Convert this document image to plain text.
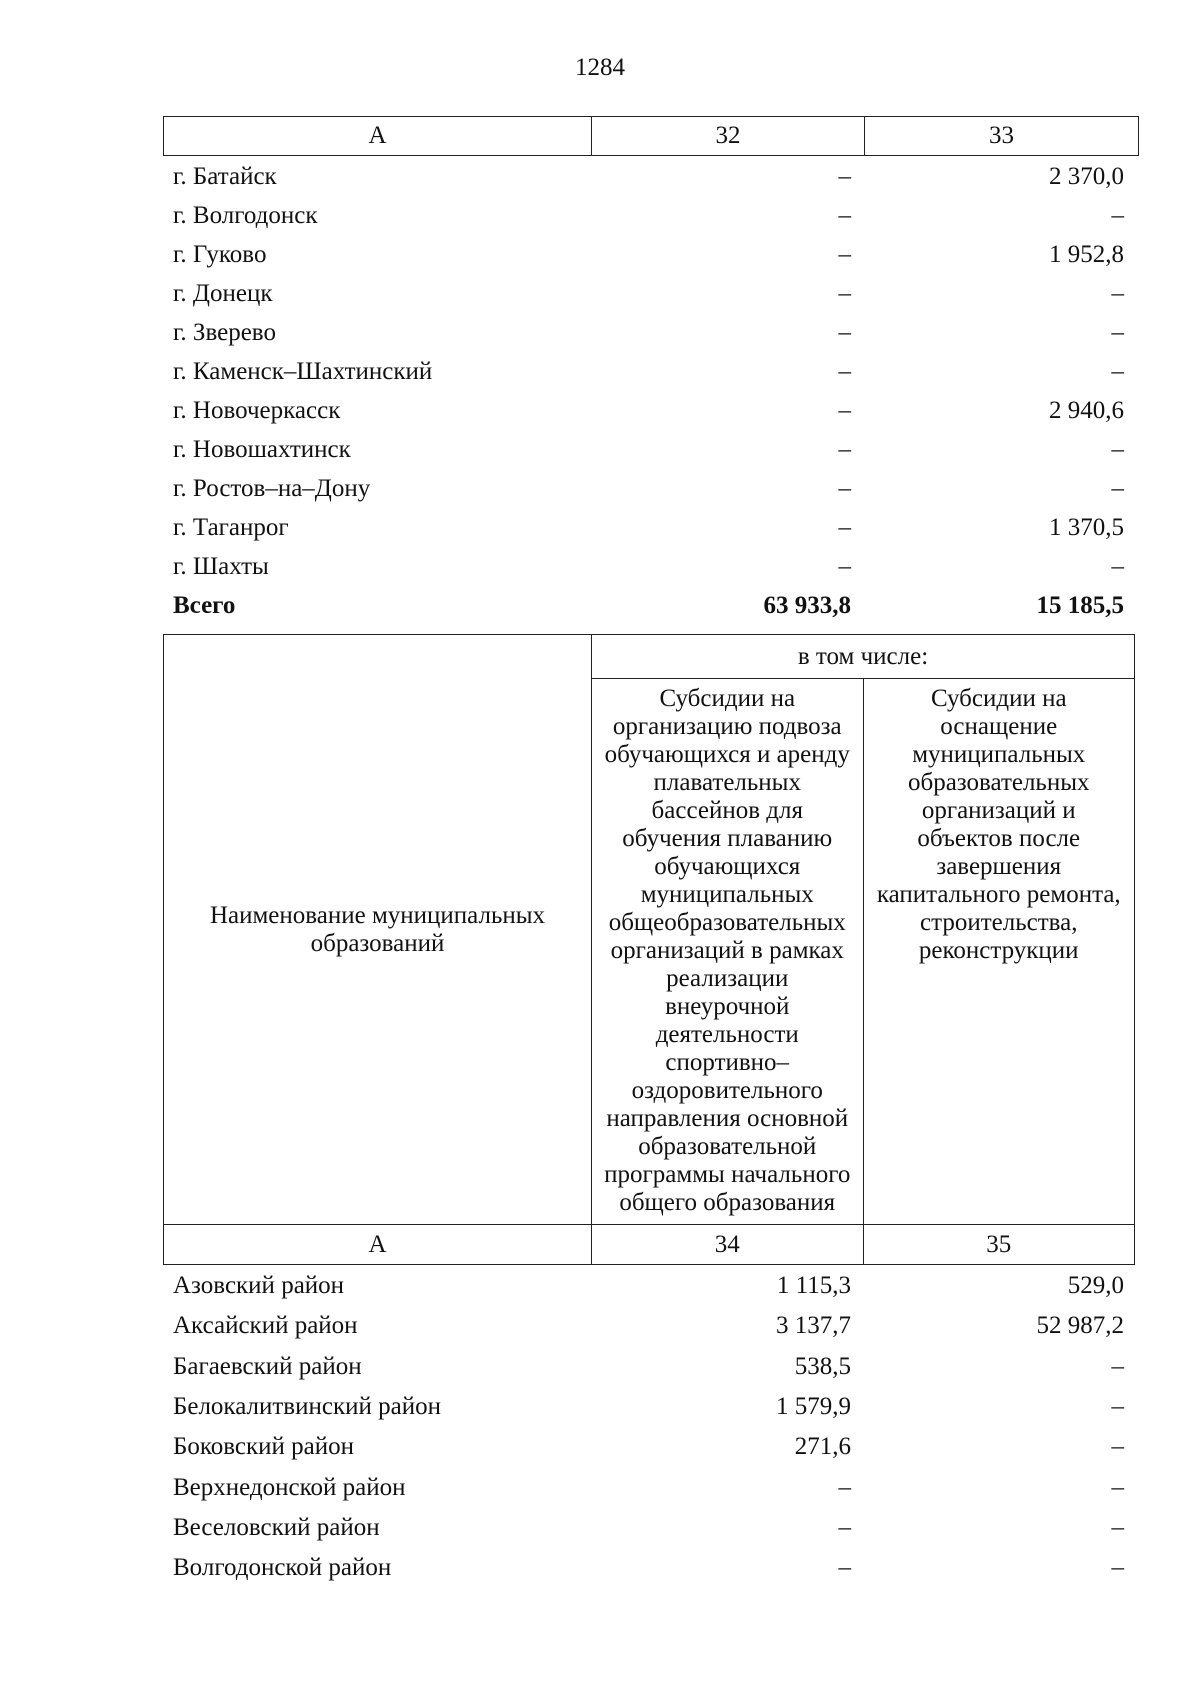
1284
А	32	33
г. Батайск	–	2 370,0
г. Волгодонск	–	–
г. Гуково	–	1 952,8
г. Донецк	–	–
г. Зверево	–	–
г. Каменск–Шахтинский	–	–
г. Новочеркасск	–	2 940,6
г. Новошахтинск	–	–
г. Ростов–на–Дону	–	–
г. Таганрог	–	1 370,5
г. Шахты	–	–
Всего	63 933,8	15 185,5
Наименование муниципальных образований	в том числе:	

	Субсидии на организацию подвоза обучающихся и аренду плавательных бассейнов для обучения плаванию обучающихся муниципальных общеобразовательных организаций в рамках реализации внеурочной деятельности спортивно–оздоровительного направления основной образовательной программы начального общего образования	Субсидии на оснащение муниципальных образовательных организаций и объектов после завершения капитального ремонта, строительства, реконструкции

А	34	35
Азовский район	1 115,3	529,0
Аксайский район	3 137,7	52 987,2
Багаевский район	538,5	–
Белокалитвинский район	1 579,9	–
Боковский район	271,6	–
Верхнедонской район	–	–
Веселовский район	–	–
Волгодонской район	–	–
